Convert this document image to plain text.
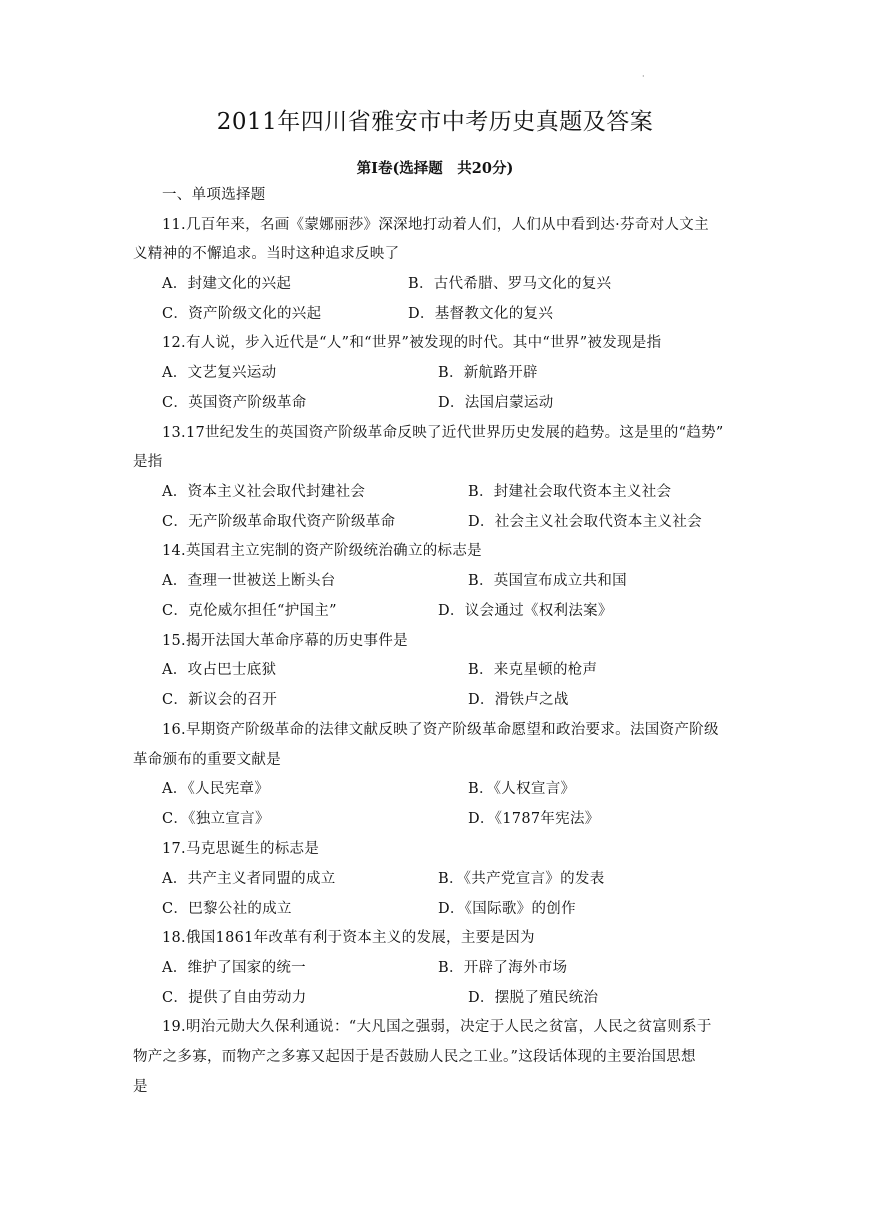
·
2011年四川省雅安市中考历史真题及答案
第Ⅰ卷(选择题　共20分)
一、单项选择题
11.几百年来，名画《蒙娜丽莎》深深地打动着人们，人们从中看到达·芬奇对人文主
义精神的不懈追求。当时这种追求反映了
A．封建文化的兴起	B．古代希腊、罗马文化的复兴
C．资产阶级文化的兴起	D．基督教文化的复兴
12.有人说，步入近代是“人”和“世界”被发现的时代。其中“世界”被发现是指
A．文艺复兴运动	B．新航路开辟
C．英国资产阶级革命	D．法国启蒙运动
13.17世纪发生的英国资产阶级革命反映了近代世界历史发展的趋势。这是里的“趋势”
是指
A．资本主义社会取代封建社会	B．封建社会取代资本主义社会
C．无产阶级革命取代资产阶级革命	D．社会主义社会取代资本主义社会
14.英国君主立宪制的资产阶级统治确立的标志是
A．查理一世被送上断头台	B．英国宣布成立共和国
C．克伦威尔担任“护国主”	D．议会通过《权利法案》
15.揭开法国大革命序幕的历史事件是
A．攻占巴士底狱	B．来克星顿的枪声
C．新议会的召开	D．滑铁卢之战
16.早期资产阶级革命的法律文献反映了资产阶级革命愿望和政治要求。法国资产阶级
革命颁布的重要文献是
A．《人民宪章》	B．《人权宣言》
C．《独立宣言》	D．《1787年宪法》
17.马克思诞生的标志是
A．共产主义者同盟的成立	B．《共产党宣言》的发表
C．巴黎公社的成立	D．《国际歌》的创作
18.俄国1861年改革有利于资本主义的发展，主要是因为
A．维护了国家的统一	B．开辟了海外市场
C．提供了自由劳动力	D．摆脱了殖民统治
19.明治元勋大久保利通说：“大凡国之强弱，决定于人民之贫富，人民之贫富则系于
物产之多寡，而物产之多寡又起因于是否鼓励人民之工业。”这段话体现的主要治国思想
是
